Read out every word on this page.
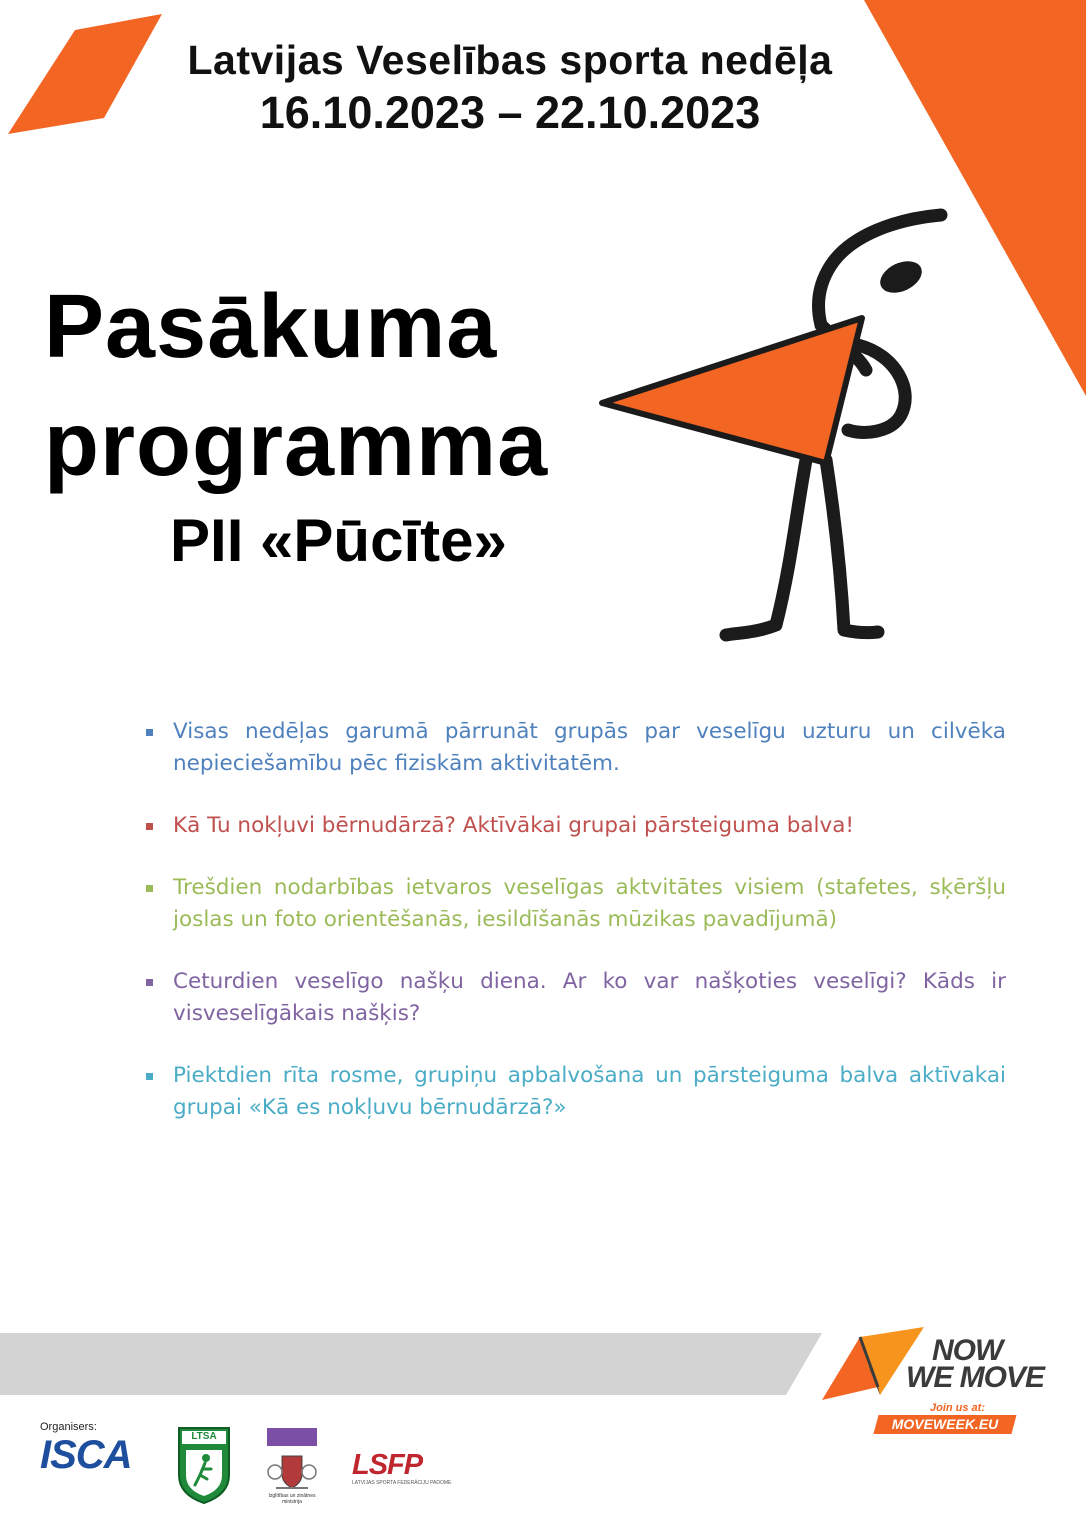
Latvijas Veselības sporta nedēļa
16.10.2023 – 22.10.2023
Pasākuma
programma
PII «Pūcīte»
Visas nedēļas garumā pārrunāt grupās par veselīgu uzturu un cilvēka nepieciešamību pēc fiziskām aktivitatēm.
Kā Tu nokļuvi bērnudārzā? Aktīvākai grupai pārsteiguma balva!
Trešdien nodarbības ietvaros veselīgas aktvitātes visiem (stafetes, sķēršļu joslas un foto orientēšanās, iesildīšanās mūzikas pavadījumā)
Ceturdien veselīgo našķu diena. Ar ko var našķoties veselīgi? Kāds ir visveselīgākais našķis?
Piektdien rīta rosme, grupiņu apbalvošana un pārsteiguma balva aktīvakai grupai «Kā es nokļuvu bērnudārzā?»
Organisers:
ISCA	LTSA
Izglītības un zinātnes ministrija
LSFP
LATVIJAS SPORTA FEDERĀCIJU PADOME
NOW
WE MOVE
Join us at:
MOVEWEEK.EU
